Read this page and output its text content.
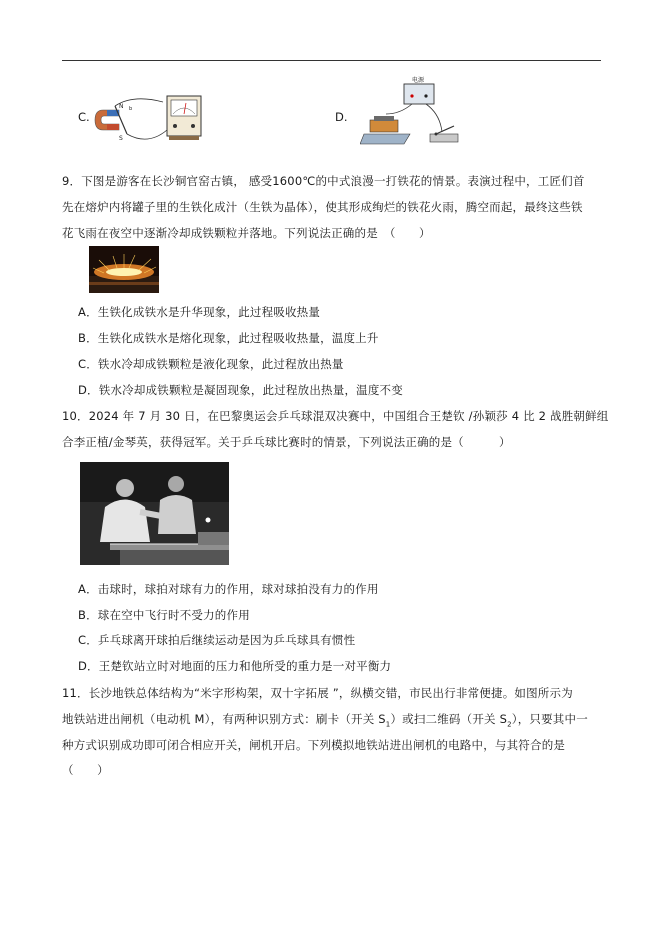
C.
N
S
b
D.
电源
9．下图是游客在长沙铜官窑古镇， 感受1600℃的中式浪漫一打铁花的情景。表演过程中，工匠们首
先在熔炉内将罐子里的生铁化成汁（生铁为晶体），使其形成绚烂的铁花火雨，腾空而起，最终这些铁
花飞雨在夜空中逐渐冷却成铁颗粒并落地。下列说法正确的是　（　　）
A．生铁化成铁水是升华现象，此过程吸收热量
B．生铁化成铁水是熔化现象，此过程吸收热量，温度上升
C．铁水冷却成铁颗粒是液化现象，此过程放出热量
D．铁水冷却成铁颗粒是凝固现象，此过程放出热量，温度不变
10．2024 年 7 月 30 日，在巴黎奥运会乒乓球混双决赛中，中国组合王楚钦 /孙颖莎 4 比 2 战胜朝鲜组
合李正植/金琴英，获得冠军。关于乒乓球比赛时的情景，下列说法正确的是（　　　）
A．击球时，球拍对球有力的作用，球对球拍没有力的作用
B．球在空中飞行时不受力的作用
C．乒乓球离开球拍后继续运动是因为乒乓球具有惯性
D．王楚钦站立时对地面的压力和他所受的重力是一对平衡力
11．长沙地铁总体结构为“米字形构架，双十字拓展 ”，纵横交错，市民出行非常便捷。如图所示为
地铁站进出闸机（电动机 M），有两种识别方式：刷卡（开关 $S_1$）或扫二维码（开关 $S_2$），只要其中一
种方式识别成功即可闭合相应开关，闸机开启。下列模拟地铁站进出闸机的电路中，与其符合的是
（　　）
